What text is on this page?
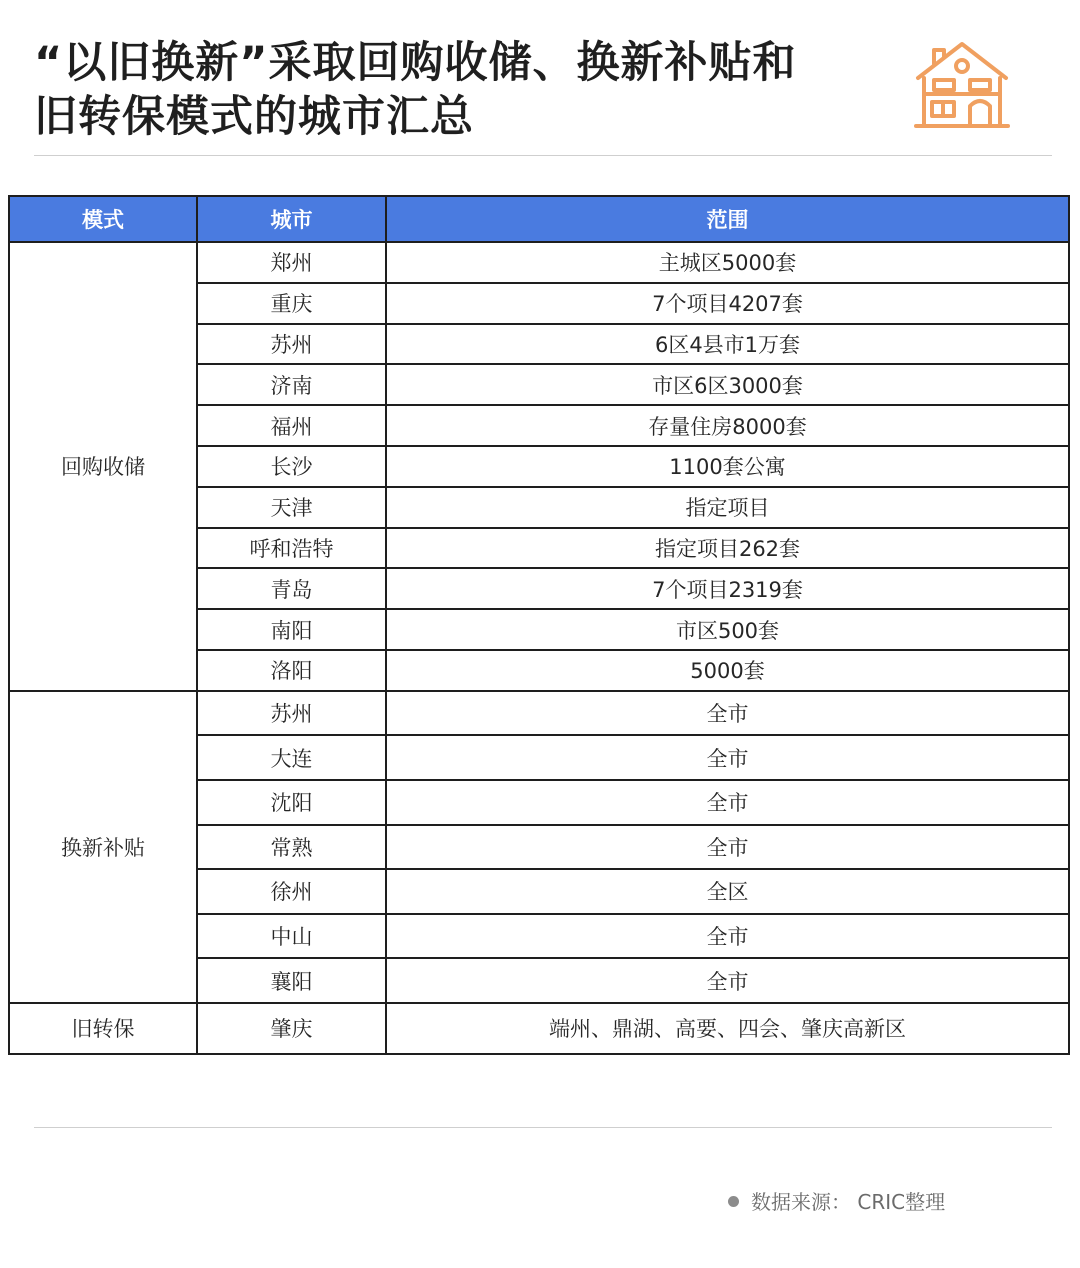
“以旧换新”采取回购收储、换新补贴和
旧转保模式的城市汇总
模式	城市	范围
回购收储	郑州	主城区5000套
	重庆	7个项目4207套
	苏州	6区4县市1万套
	济南	市区6区3000套
	福州	存量住房8000套
	长沙	1100套公寓
	天津	指定项目
	呼和浩特	指定项目262套
	青岛	7个项目2319套
	南阳	市区500套
	洛阳	5000套
换新补贴	苏州	全市
	大连	全市
	沈阳	全市
	常熟	全市
	徐州	全区
	中山	全市
	襄阳	全市
旧转保	肇庆	端州、鼎湖、高要、四会、肇庆高新区
数据来源： CRIC整理
